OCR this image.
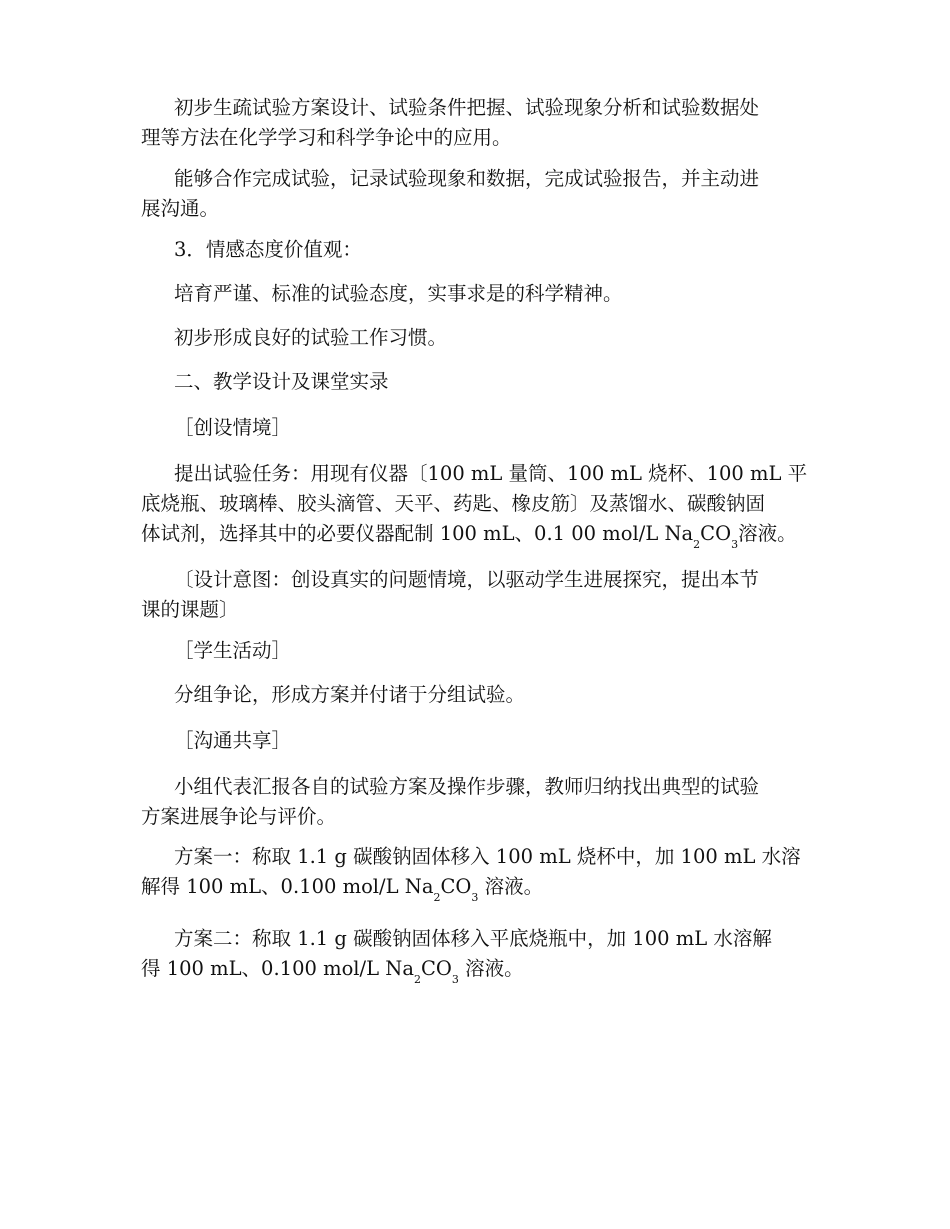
初步生疏试验方案设计、试验条件把握、试验现象分析和试验数据处
理等方法在化学学习和科学争论中的应用。

能够合作完成试验，记录试验现象和数据，完成试验报告，并主动进
展沟通。

3．情感态度价值观：

培育严谨、标准的试验态度，实事求是的科学精神。

初步形成良好的试验工作习惯。

二、教学设计及课堂实录

［创设情境］

提出试验任务：用现有仪器〔100 mL 量筒、100 mL 烧杯、100 mL 平
底烧瓶、玻璃棒、胶头滴管、天平、药匙、橡皮筋〕及蒸馏水、碳酸钠固
体试剂，选择其中的必要仪器配制 100 mL、0.1 00 mol/L $Na_2CO_3$溶液。

〔设计意图：创设真实的问题情境，以驱动学生进展探究，提出本节
课的课题〕

［学生活动］

分组争论，形成方案并付诸于分组试验。

［沟通共享］

小组代表汇报各自的试验方案及操作步骤，教师归纳找出典型的试验
方案进展争论与评价。

方案一：称取 1.1 g 碳酸钠固体移入 100 mL 烧杯中，加 100 mL 水溶
解得 100 mL、0.100 mol/L $Na_2CO_3$ 溶液。

方案二：称取 1.1 g 碳酸钠固体移入平底烧瓶中，加 100 mL 水溶解
得 100 mL、0.100 mol/L $Na_2CO_3$ 溶液。
